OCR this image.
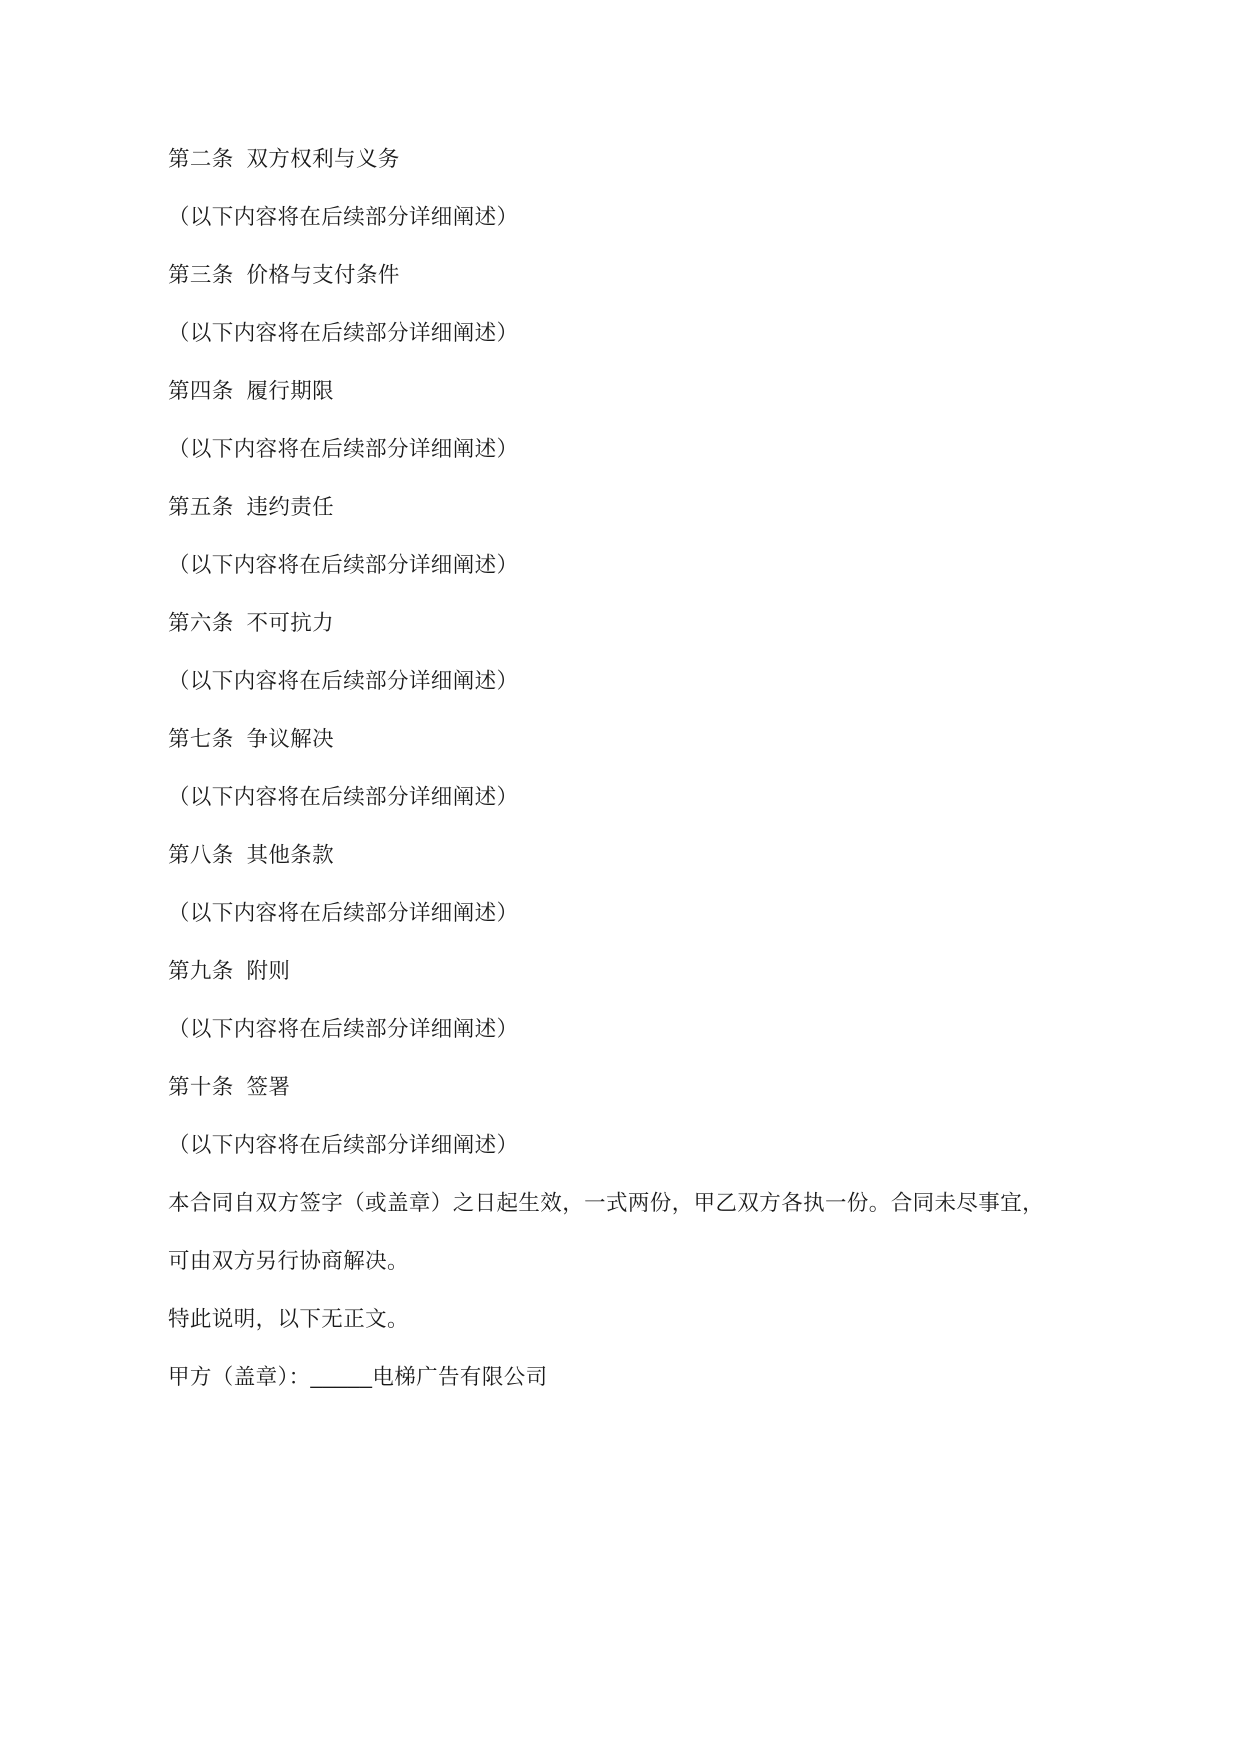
第二条  双方权利与义务

（以下内容将在后续部分详细阐述）

第三条  价格与支付条件

（以下内容将在后续部分详细阐述）

第四条  履行期限

（以下内容将在后续部分详细阐述）

第五条  违约责任

（以下内容将在后续部分详细阐述）

第六条  不可抗力

（以下内容将在后续部分详细阐述）

第七条  争议解决

（以下内容将在后续部分详细阐述）

第八条  其他条款

（以下内容将在后续部分详细阐述）

第九条  附则

（以下内容将在后续部分详细阐述）

第十条  签署

（以下内容将在后续部分详细阐述）

本合同自双方签字（或盖章）之日起生效，一式两份，甲乙双方各执一份。合同未尽事宜，可由双方另行协商解决。

特此说明，以下无正文。

甲方（盖章）：_____电梯广告有限公司
